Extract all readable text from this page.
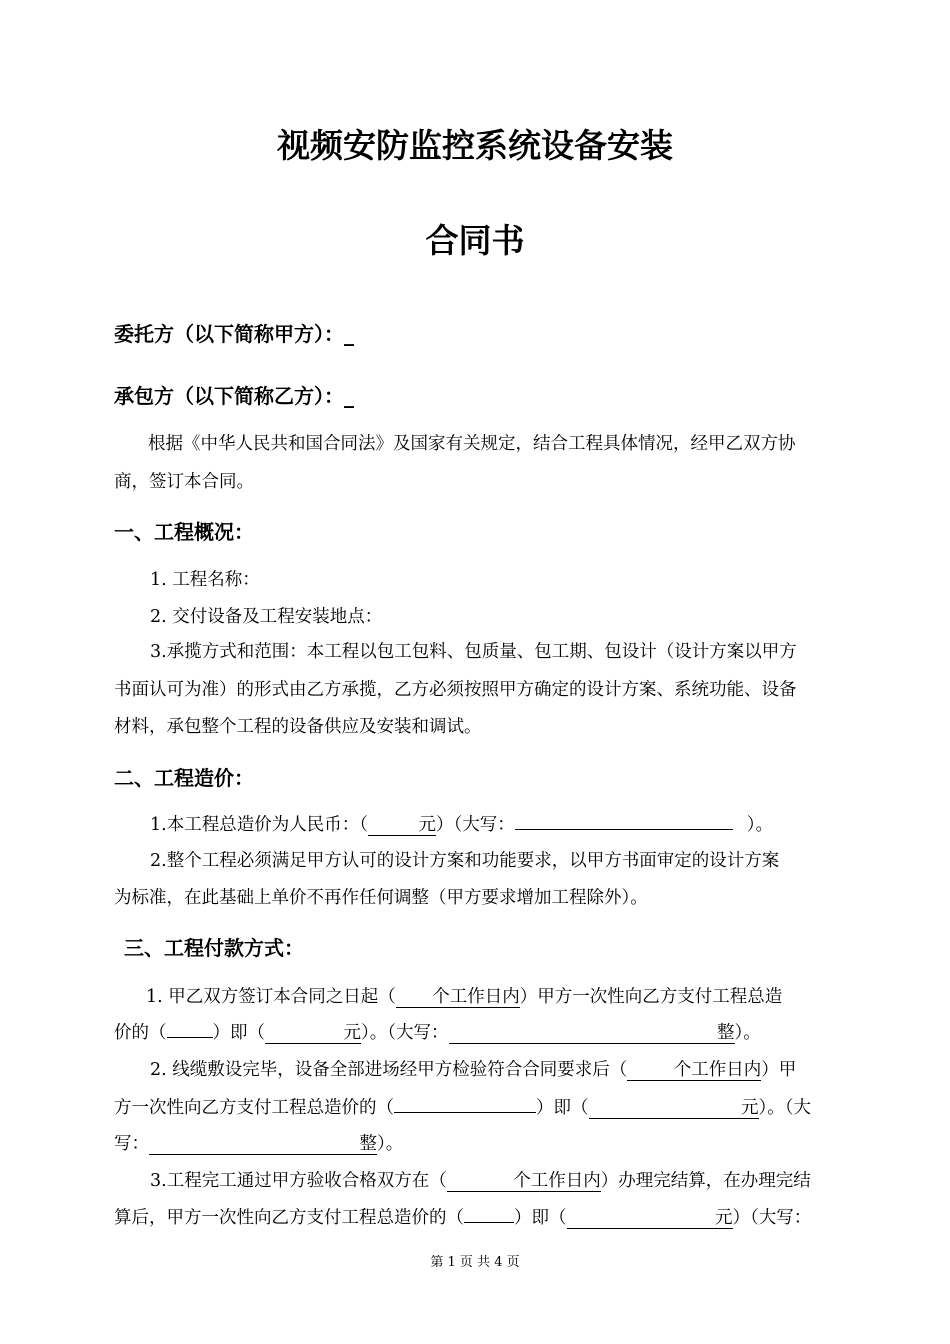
视频安防监控系统设备安装
合同书
委托方（以下简称甲方）：_
承包方（以下简称乙方）：_
根据《中华人民共和国合同法》及国家有关规定，结合工程具体情况，经甲乙双方协
商，签订本合同。
一、工程概况：
1. 工程名称：
2. 交付设备及工程安装地点：
3.承揽方式和范围：本工程以包工包料、包质量、包工期、包设计（设计方案以甲方
书面认可为准）的形式由乙方承揽，乙方必须按照甲方确定的设计方案、系统功能、设备
材料，承包整个工程的设备供应及安装和调试。
二、工程造价：
1.本工程总造价为人民币：（	元）（大写：	）。
2.整个工程必须满足甲方认可的设计方案和功能要求，以甲方书面审定的设计方案
为标准，在此基础上单价不再作任何调整（甲方要求增加工程除外）。
三、工程付款方式：
1. 甲乙双方签订本合同之日起（ 个工作日内）甲方一次性向乙方支付工程总造
价的（	）即（	元）。（大写：	整）。
2. 线缆敷设完毕，设备全部进场经甲方检验符合合同要求后（	个工作日内）甲
方一次性向乙方支付工程总造价的（	）即（	元）。（大
写：	整）。
3.工程完工通过甲方验收合格双方在（	个工作日内）办理完结算，在办理完结
算后，甲方一次性向乙方支付工程总造价的（	）即（	元）（大写：
第 1 页 共 4 页
